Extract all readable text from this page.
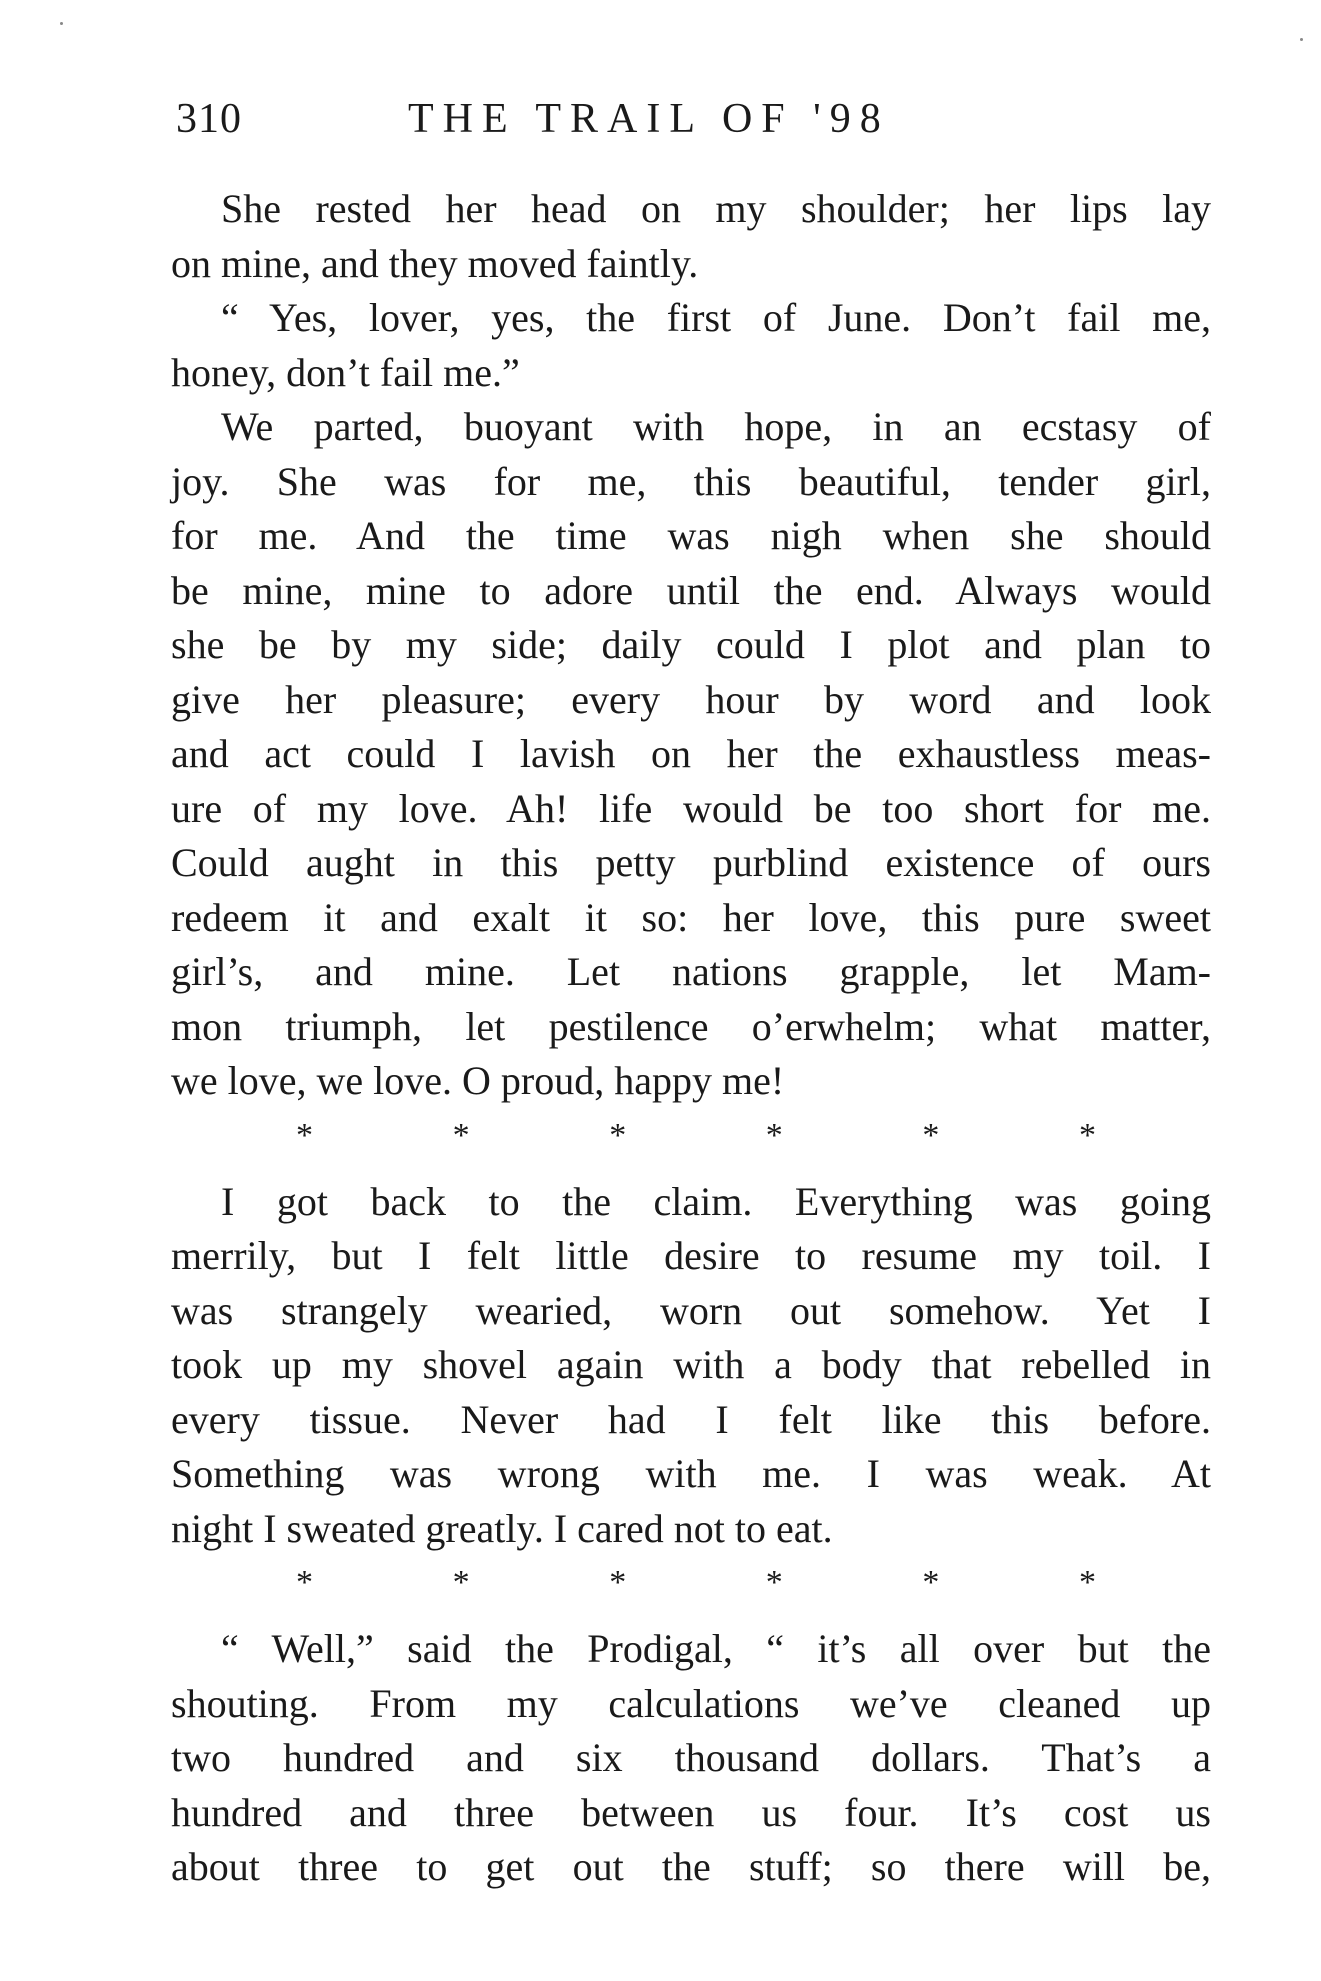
310	THE TRAIL OF '98
She rested her head on my shoulder; her lips lay
on mine, and they moved faintly.
“ Yes, lover, yes, the first of June. Don’t fail me,
honey, don’t fail me.”
We parted, buoyant with hope, in an ecstasy of
joy. She was for me, this beautiful, tender girl,
for me. And the time was nigh when she should
be mine, mine to adore until the end. Always would
she be by my side; daily could I plot and plan to
give her pleasure; every hour by word and look
and act could I lavish on her the exhaustless meas-
ure of my love. Ah! life would be too short for me.
Could aught in this petty purblind existence of ours
redeem it and exalt it so: her love, this pure sweet
girl’s, and mine. Let nations grapple, let Mam-
mon triumph, let pestilence o’erwhelm; what matter,
we love, we love. O proud, happy me!
*	*	*	*	*	*
I got back to the claim. Everything was going
merrily, but I felt little desire to resume my toil. I
was strangely wearied, worn out somehow. Yet I
took up my shovel again with a body that rebelled in
every tissue. Never had I felt like this before.
Something was wrong with me. I was weak. At
night I sweated greatly. I cared not to eat.
*	*	*	*	*	*
“ Well,” said the Prodigal, “ it’s all over but the
shouting. From my calculations we’ve cleaned up
two hundred and six thousand dollars. That’s a
hundred and three between us four. It’s cost us
about three to get out the stuff; so there will be,
